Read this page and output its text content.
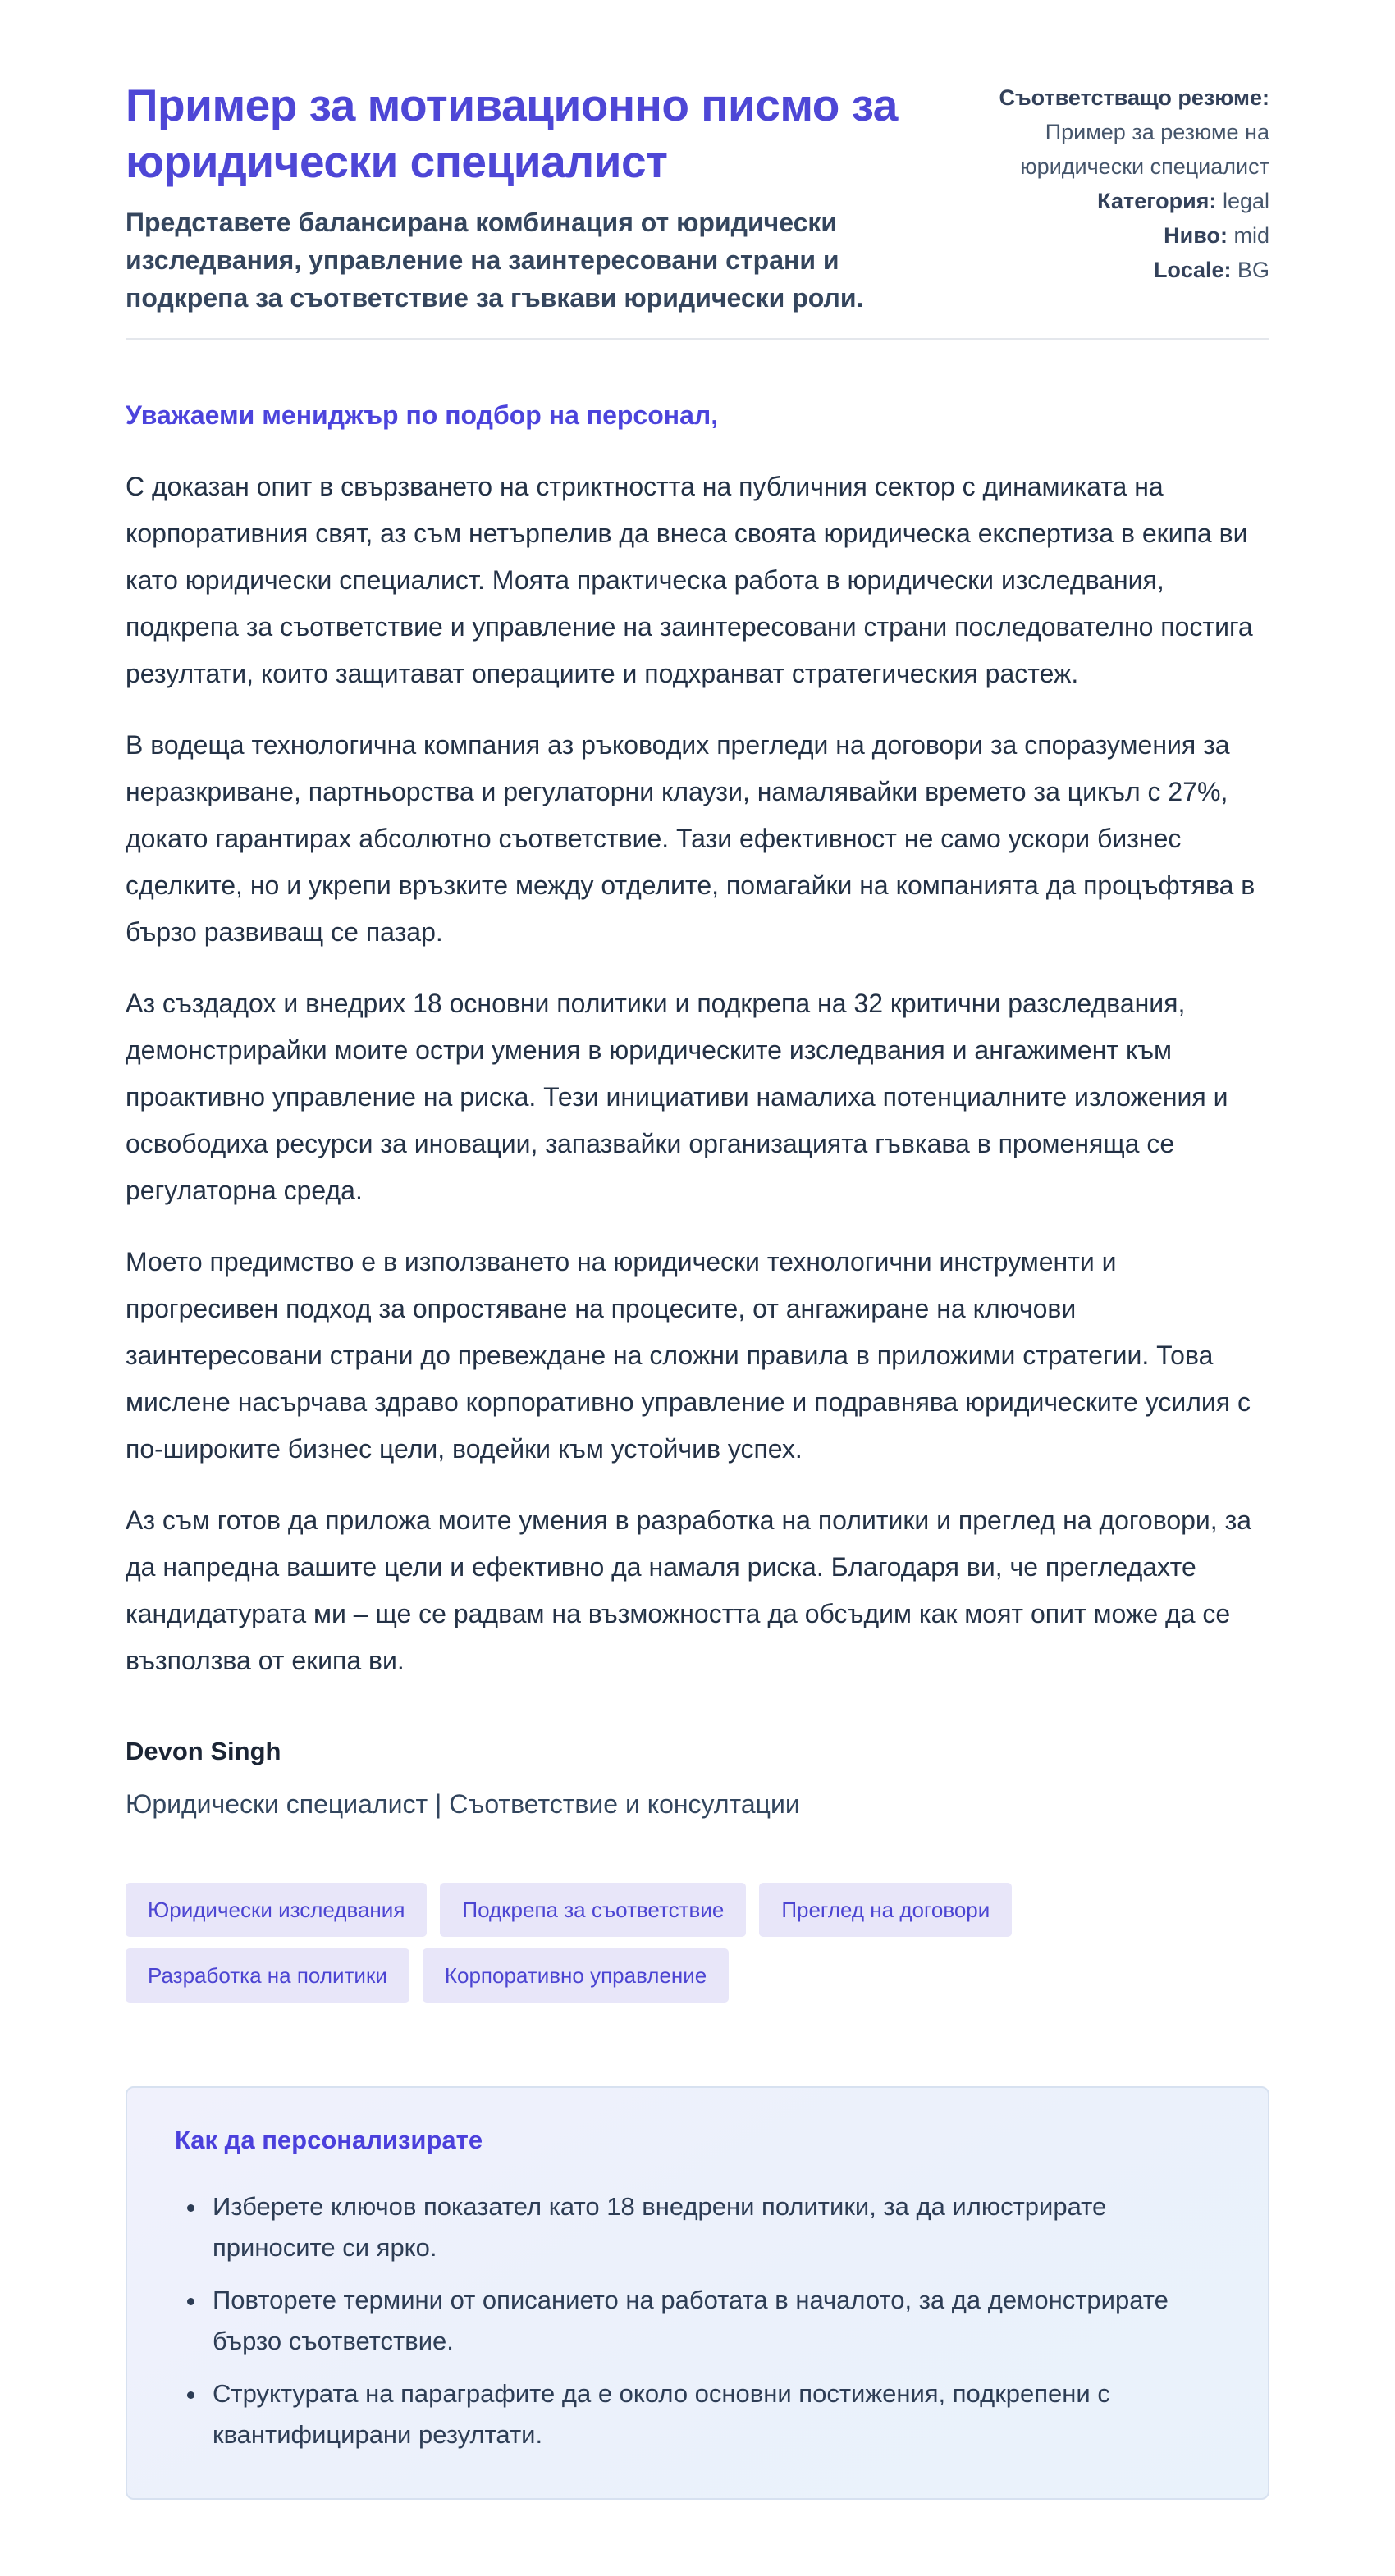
Пример за мотивационно писмо за юридически специалист

Представете балансирана комбинация от юридически изследвания, управление на заинтересовани страни и подкрепа за съответствие за гъвкави юридически роли.

Съответстващо резюме: Пример за резюме на юридически специалист

Категория: legal

Ниво: mid

Locale: BG

Уважаеми мениджър по подбор на персонал,

С доказан опит в свързването на стриктността на публичния сектор с динамиката на корпоративния свят, аз съм нетърпелив да внеса своята юридическа експертиза в екипа ви като юридически специалист. Моята практическа работа в юридически изследвания, подкрепа за съответствие и управление на заинтересовани страни последователно постига резултати, които защитават операциите и подхранват стратегическия растеж.

В водеща технологична компания аз ръководих прегледи на договори за споразумения за неразкриване, партньорства и регулаторни клаузи, намалявайки времето за цикъл с 27%, докато гарантирах абсолютно съответствие. Тази ефективност не само ускори бизнес сделките, но и укрепи връзките между отделите, помагайки на компанията да процъфтява в бързо развиващ се пазар.

Аз създадох и внедрих 18 основни политики и подкрепа на 32 критични разследвания, демонстрирайки моите остри умения в юридическите изследвания и ангажимент към проактивно управление на риска. Тези инициативи намалиха потенциалните изложения и освободиха ресурси за иновации, запазвайки организацията гъвкава в променяща се регулаторна среда.

Моето предимство е в използването на юридически технологични инструменти и прогресивен подход за опростяване на процесите, от ангажиране на ключови заинтересовани страни до превеждане на сложни правила в приложими стратегии. Това мислене насърчава здраво корпоративно управление и подравнява юридическите усилия с по-широките бизнес цели, водейки към устойчив успех.

Аз съм готов да приложа моите умения в разработка на политики и преглед на договори, за да напредна вашите цели и ефективно да намаля риска. Благодаря ви, че прегледахте кандидатурата ми – ще се радвам на възможността да обсъдим как моят опит може да се възползва от екипа ви.

Devon Singh

Юридически специалист | Съответствие и консултации

Юридически изследвания	Подкрепа за съответствие	Преглед на договори
Разработка на политики	Корпоративно управление
Как да персонализирате
• Изберете ключов показател като 18 внедрени политики, за да илюстрирате приносите си ярко.
• Повторете термини от описанието на работата в началото, за да демонстрирате бързо съответствие.
• Структурата на параграфите да е около основни постижения, подкрепени с квантифицирани резултати.
